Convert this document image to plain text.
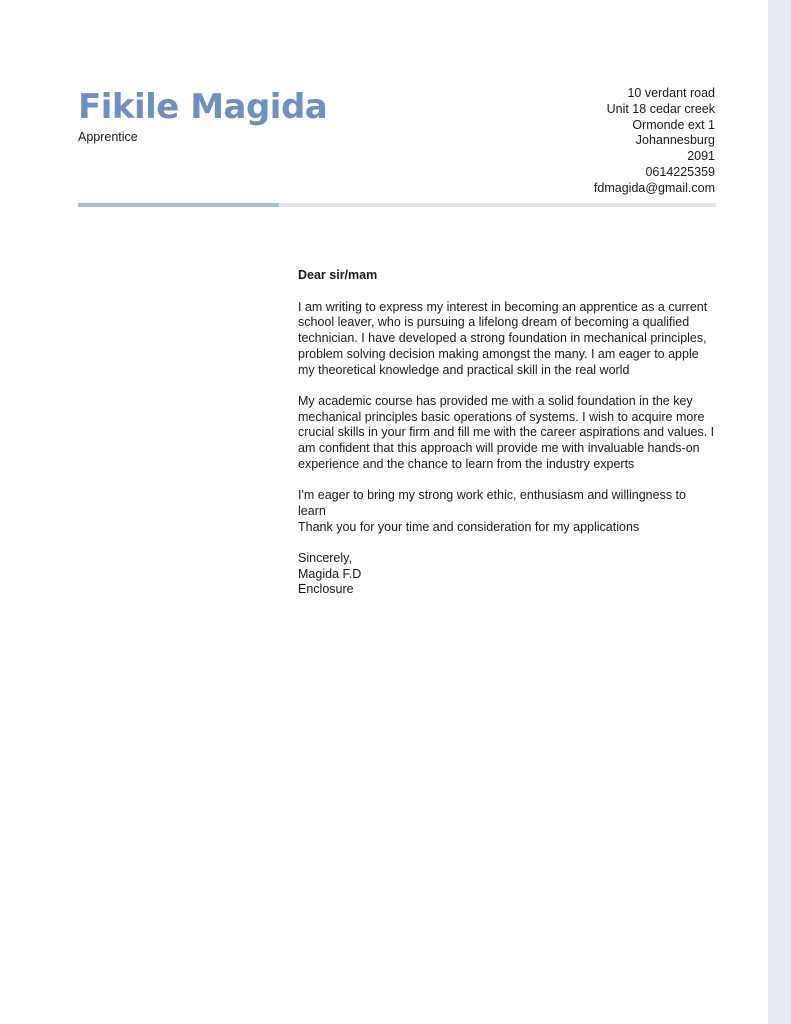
Fikile Magida
Apprentice
10 verdant road
Unit 18 cedar creek
Ormonde ext 1
Johannesburg
2091
0614225359
fdmagida@gmail.com

Dear sir/mam

I am writing to express my interest in becoming an apprentice as a current school leaver, who is pursuing a lifelong dream of becoming a qualified technician. I have developed a strong foundation in mechanical principles, problem solving decision making amongst the many. I am eager to apple my theoretical knowledge and practical skill in the real world

My academic course has provided me with a solid foundation in the key mechanical principles basic operations of systems. I wish to acquire more crucial skills in your firm and fill me with the career aspirations and values. I am confident that this approach will provide me with invaluable hands-on experience and the chance to learn from the industry experts

I'm eager to bring my strong work ethic, enthusiasm and willingness to learn
Thank you for your time and consideration for my applications

Sincerely,
Magida F.D
Enclosure
